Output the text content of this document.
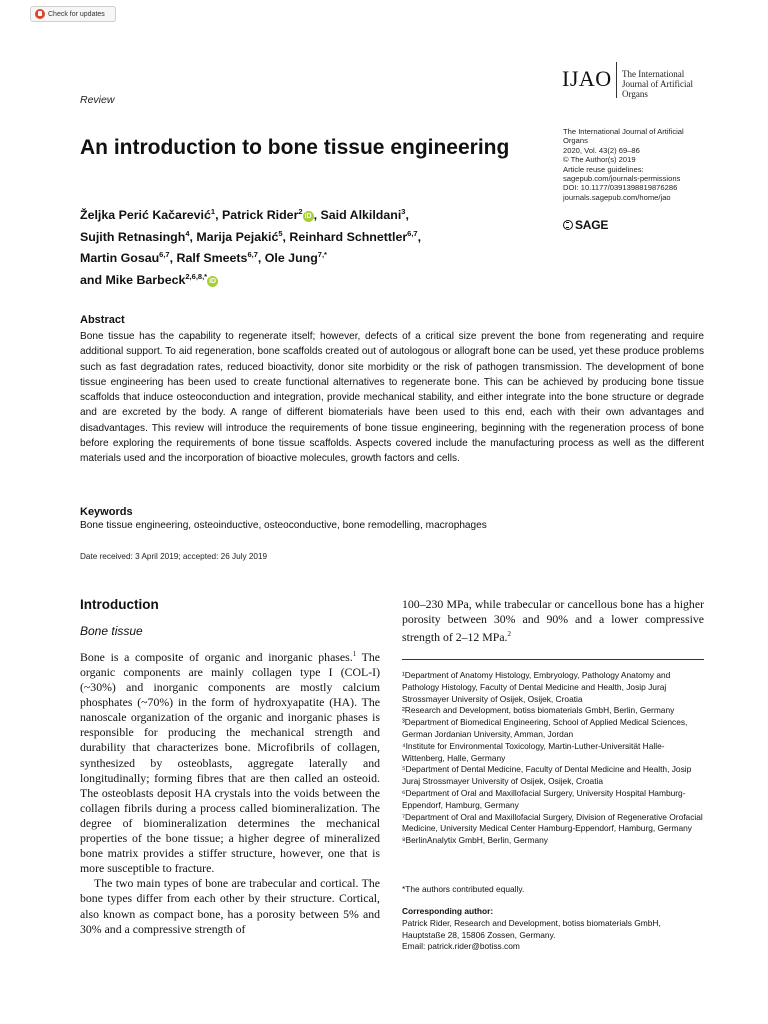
Check for updates
IJAO The International
Journal of Artificial
Organs
Review
An introduction to bone tissue engineering
The International Journal of Artificial
Organs
2020, Vol. 43(2) 69–86
© The Author(s) 2019
Article reuse guidelines:
sagepub.com/journals-permissions
DOI: 10.1177/0391398819876286
journals.sagepub.com/home/jao
SAGE
Željka Perić Kačarević$^1$, Patrick Rider$^2$iD , Said Alkildani$^3$,
Sujith Retnasingh$^4$, Marija Pejakić$^5$, Reinhard Schnettler$^{6,7}$,
Martin Gosau$^{6,7}$, Ralf Smeets$^{6,7}$, Ole Jung$^{7,*}$
and Mike Barbeck$^{2,6,8,*}$iD
Abstract
Bone tissue has the capability to regenerate itself; however, defects of a critical size prevent the bone from regenerating and require additional support. To aid regeneration, bone scaffolds created out of autologous or allograft bone can be used, yet these produce problems such as fast degradation rates, reduced bioactivity, donor site morbidity or the risk of pathogen transmission. The development of bone tissue engineering has been used to create functional alternatives to regenerate bone. This can be achieved by producing bone tissue scaffolds that induce osteoconduction and integration, provide mechanical stability, and either integrate into the bone structure or degrade and are excreted by the body. A range of different biomaterials have been used to this end, each with their own advantages and disadvantages. This review will introduce the requirements of bone tissue engineering, beginning with the regeneration process of bone before exploring the requirements of bone tissue scaffolds. Aspects covered include the manufacturing process as well as the different materials used and the incorporation of bioactive molecules, growth factors and cells.
Keywords
Bone tissue engineering, osteoinductive, osteoconductive, bone remodelling, macrophages
Date received: 3 April 2019; accepted: 26 July 2019
Introduction
Bone tissue

Bone is a composite of organic and inorganic phases.$^1$ The organic components are mainly collagen type I (COL-I) (~30%) and inorganic components are mostly calcium phosphates (~70%) in the form of hydroxyapatite (HA). The nanoscale organization of the organic and inorganic phases is responsible for producing the mechanical strength and durability that characterizes bone. Microfibrils of collagen, synthesized by osteoblasts, aggregate laterally and longitudinally; forming fibres that are then called an osteoid. The osteoblasts deposit HA crystals into the voids between the collagen fibrils during a process called biomineralization. The degree of biomineralization determines the mechanical properties of the bone tissue; a higher degree of mineralized bone matrix provides a stiffer structure, however, one that is more susceptible to fracture.

The two main types of bone are trabecular and cortical. The bone types differ from each other by their structure. Cortical, also known as compact bone, has a porosity between 5% and 30% and a compressive strength of

100–230 MPa, while trabecular or cancellous bone has a higher porosity between 30% and 90% and a lower compressive strength of 2–12 MPa.$^2$
¹Department of Anatomy Histology, Embryology, Pathology Anatomy and Pathology Histology, Faculty of Dental Medicine and Health, Josip Juraj Strossmayer University of Osijek, Osijek, Croatia
²Research and Development, botiss biomaterials GmbH, Berlin, Germany
³Department of Biomedical Engineering, School of Applied Medical Sciences, German Jordanian University, Amman, Jordan
⁴Institute for Environmental Toxicology, Martin-Luther-Universität Halle-Wittenberg, Halle, Germany
⁵Department of Dental Medicine, Faculty of Dental Medicine and Health, Josip Juraj Strossmayer University of Osijek, Osijek, Croatia
⁶Department of Oral and Maxillofacial Surgery, University Hospital Hamburg-Eppendorf, Hamburg, Germany
⁷Department of Oral and Maxillofacial Surgery, Division of Regenerative Orofacial Medicine, University Medical Center Hamburg-Eppendorf, Hamburg, Germany
⁸BerlinAnalytix GmbH, Berlin, Germany
*The authors contributed equally.
Corresponding author:
Patrick Rider, Research and Development, botiss biomaterials GmbH,
Hauptstaße 28, 15806 Zossen, Germany.
Email: patrick.rider@botiss.com
